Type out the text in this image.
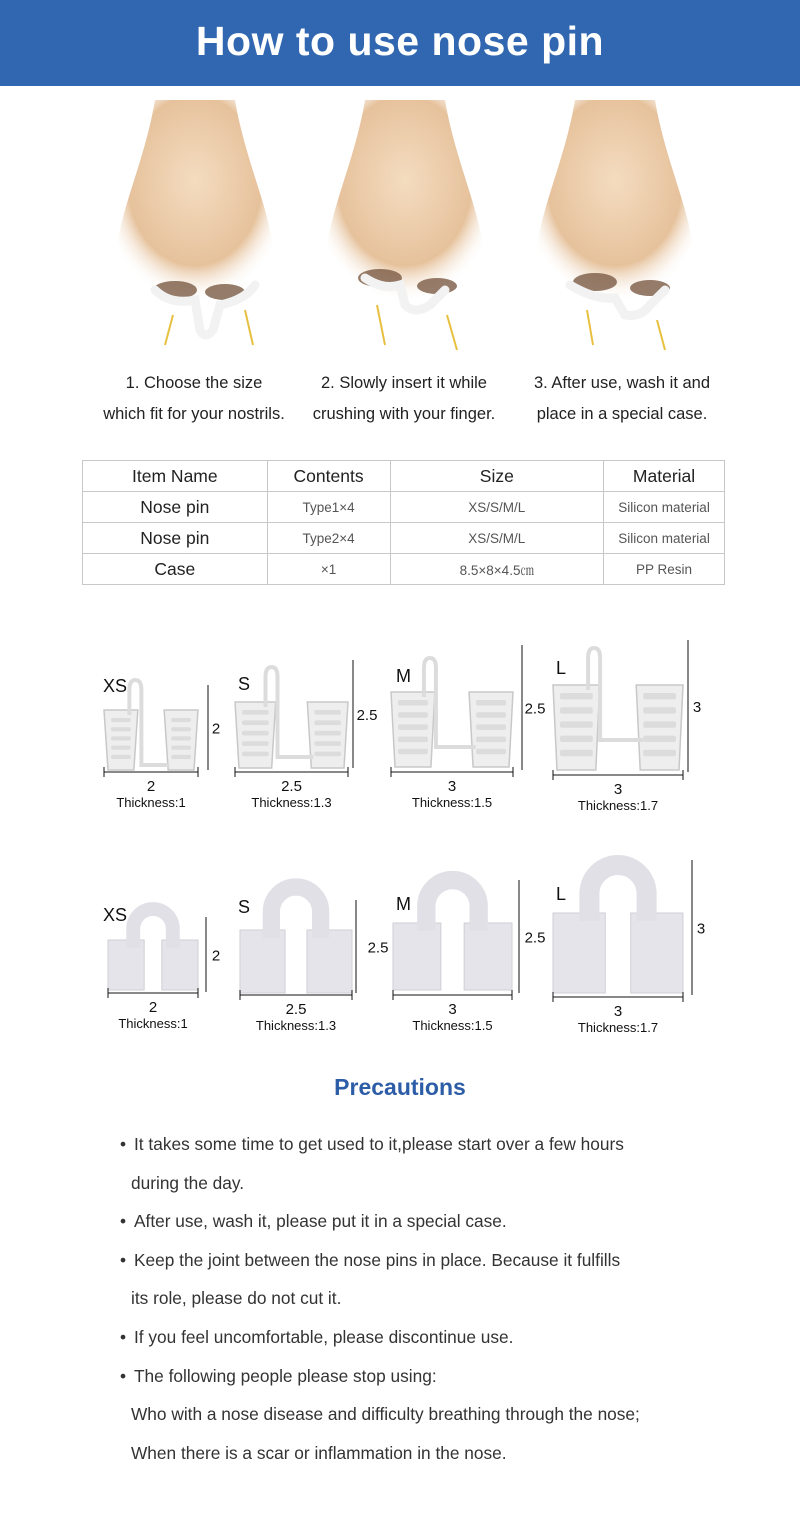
How to use nose pin
1. Choose the size
which fit for your nostrils.
2. Slowly insert it while
crushing with your finger.
3. After use, wash it and
place in a special case.
Item Name	Contents	Size	Material
Nose pin	Type1×4	XS/S/M/L	Silicon material
Nose pin	Type2×4	XS/S/M/L	Silicon material
Case	×1	8.5×8×4.5㎝	PP Resin
XS
2
2
Thickness:1
S
2.5
2.5
Thickness:1.3
M
3
2.5
Thickness:1.5
L
3
3
Thickness:1.7
XS
2
2
Thickness:1
S
2.5
2.5
Thickness:1.3
M
3
2.5
Thickness:1.5
L
3
3
Thickness:1.7
Precautions
• It takes some time to get used to it,please start over a few hours
during the day.
• After use, wash it, please put it in a special case.
• Keep the joint between the nose pins in place. Because it fulfills
its role, please do not cut it.
• If you feel uncomfortable, please discontinue use.
• The following people please stop using:
Who with a nose disease and difficulty breathing through the nose;
When there is a scar or inflammation in the nose.
